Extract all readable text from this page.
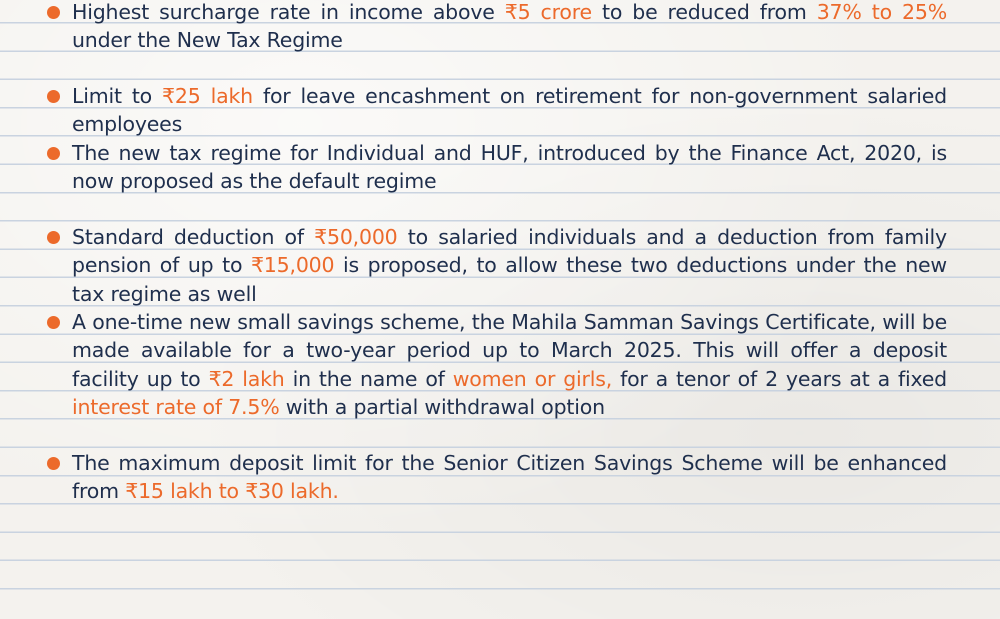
Highest surcharge rate in income above ₹5 crore to be reduced from 37% to 25% under the New Tax Regime
Limit to ₹25 lakh for leave encashment on retirement for non-government salaried employees
The new tax regime for Individual and HUF, introduced by the Finance Act, 2020, is now proposed as the default regime
Standard deduction of ₹50,000 to salaried individuals and a deduction from family pension of up to ₹15,000 is proposed, to allow these two deductions under the new tax regime as well
A one-time new small savings scheme, the Mahila Samman Savings Certificate, will be made available for a two-year period up to March 2025. This will offer a deposit facility up to ₹2 lakh in the name of women or girls, for a tenor of 2 years at a fixed interest rate of 7.5% with a partial withdrawal option
The maximum deposit limit for the Senior Citizen Savings Scheme will be enhanced from ₹15 lakh to ₹30 lakh.
